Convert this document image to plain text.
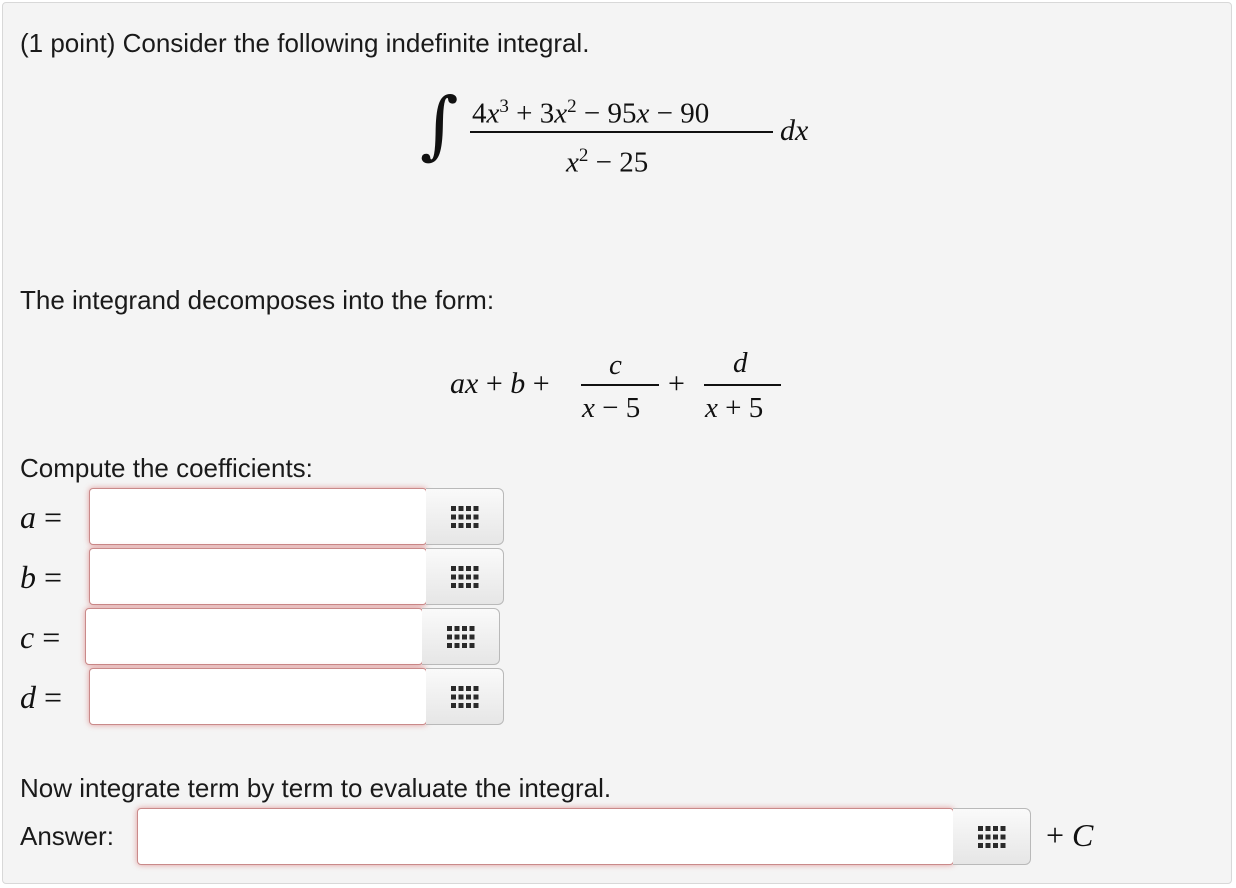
(1 point) Consider the following indefinite integral.
∫ $4x^3 + 3x^2 - 95x - 90$
$x^2 - 25$
dx
The integrand decomposes into the form:
ax + b +
c
x − 5
+
d
x + 5
Compute the coefficients:
a =
b =
c =
d =
Now integrate term by term to evaluate the integral.
Answer:	+ C
